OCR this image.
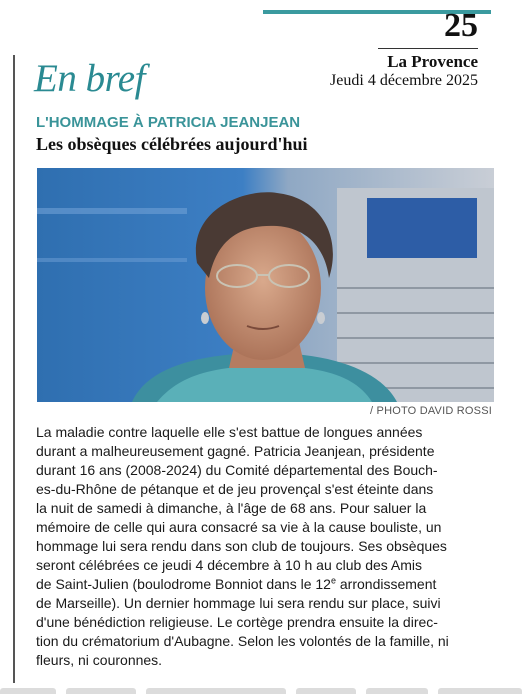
25
La Provence
Jeudi 4 décembre 2025
En bref
L'HOMMAGE À PATRICIA JEANJEAN
Les obsèques célébrées aujourd'hui
/ PHOTO DAVID ROSSI

La maladie contre laquelle elle s'est battue de longues années
durant a malheureusement gagné. Patricia Jeanjean, présidente
durant 16 ans (2008-2024) du Comité départemental des Bouch-
es-du-Rhône de pétanque et de jeu provençal s'est éteinte dans
la nuit de samedi à dimanche, à l'âge de 68 ans. Pour saluer la
mémoire de celle qui aura consacré sa vie à la cause bouliste, un
hommage lui sera rendu dans son club de toujours. Ses obsèques
seront célébrées ce jeudi 4 décembre à 10 h au club des Amis
de Saint-Julien (boulodrome Bonniot dans le 12e arrondissement
de Marseille). Un dernier hommage lui sera rendu sur place, suivi
d'une bénédiction religieuse. Le cortège prendra ensuite la direc-
tion du crématorium d'Aubagne. Selon les volontés de la famille, ni
fleurs, ni couronnes.
